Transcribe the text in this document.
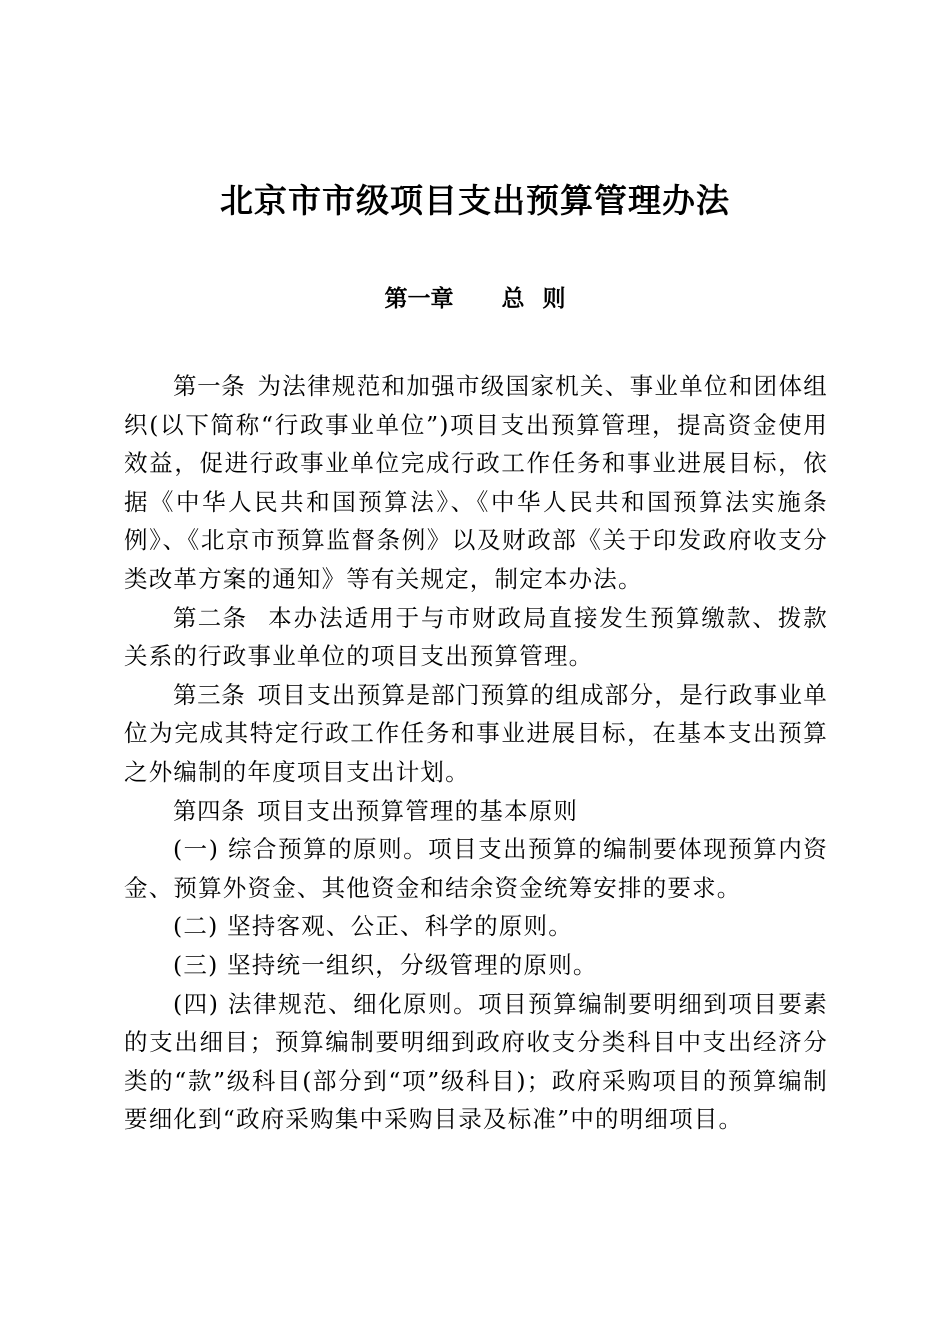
北京市市级项目支出预算管理办法
第一章 总 则

第一条 为法律规范和加强市级国家机关、事业单位和团体组织(以下简称“行政事业单位”)项目支出预算管理，提高资金使用效益，促进行政事业单位完成行政工作任务和事业进展目标，依据《中华人民共和国预算法》、《中华人民共和国预算法实施条例》、《北京市预算监督条例》以及财政部《关于印发政府收支分类改革方案的通知》等有关规定，制定本办法。

第二条 本办法适用于与市财政局直接发生预算缴款、拨款关系的行政事业单位的项目支出预算管理。

第三条 项目支出预算是部门预算的组成部分，是行政事业单位为完成其特定行政工作任务和事业进展目标，在基本支出预算之外编制的年度项目支出计划。

第四条 项目支出预算管理的基本原则

(一) 综合预算的原则。项目支出预算的编制要体现预算内资金、预算外资金、其他资金和结余资金统筹安排的要求。

(二) 坚持客观、公正、科学的原则。

(三) 坚持统一组织，分级管理的原则。

(四) 法律规范、细化原则。项目预算编制要明细到项目要素的支出细目；预算编制要明细到政府收支分类科目中支出经济分类的“款”级科目(部分到“项”级科目)；政府采购项目的预算编制要细化到“政府采购集中采购目录及标准”中的明细项目。
